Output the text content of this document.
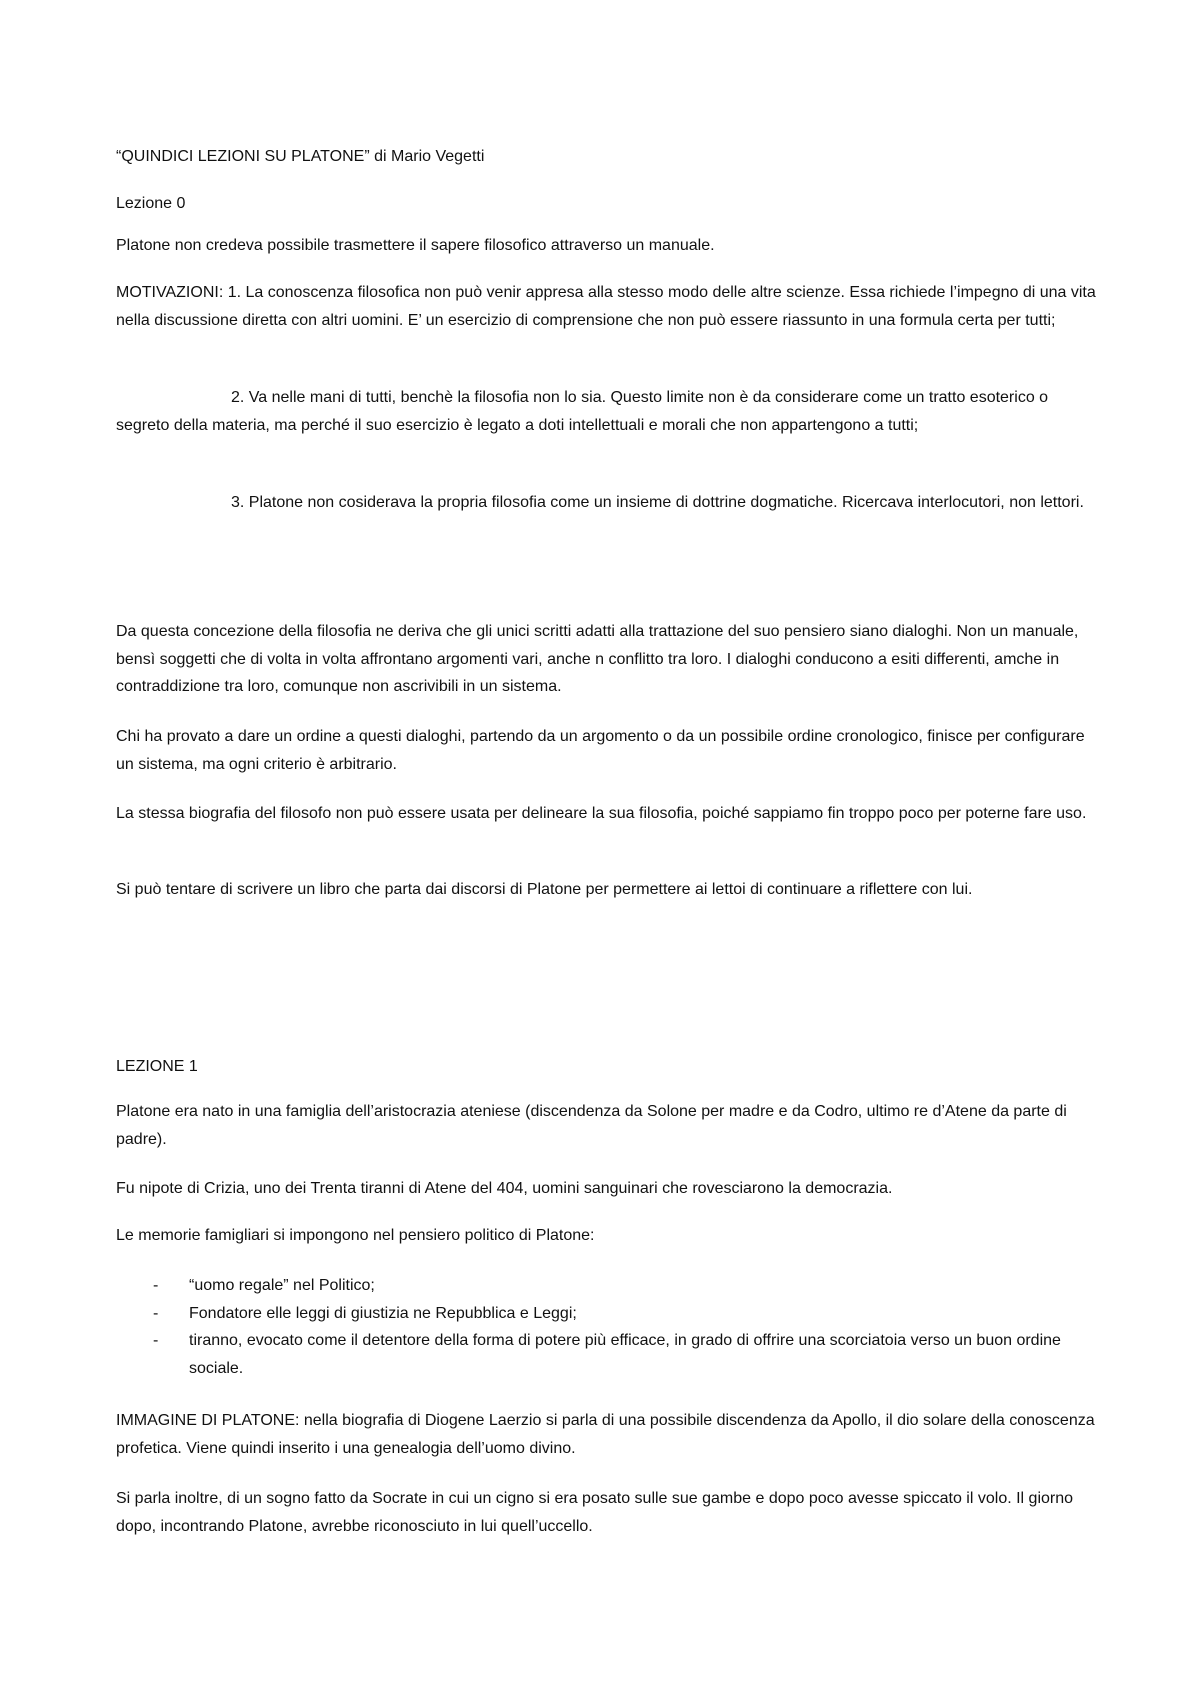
“QUINDICI LEZIONI SU PLATONE” di Mario Vegetti

Lezione 0

Platone non credeva possibile trasmettere il sapere filosofico attraverso un manuale.

MOTIVAZIONI: 1. La conoscenza filosofica non può venir appresa alla stesso modo delle altre scienze. Essa richiede l’impegno di una vita nella discussione diretta con altri uomini. E’ un esercizio di comprensione che non può essere riassunto in una formula certa per tutti;

2. Va nelle mani di tutti, benchè la filosofia non lo sia. Questo limite non è da considerare come un tratto esoterico o segreto della materia, ma perché il suo esercizio è legato a doti intellettuali e morali che non appartengono a tutti;

3. Platone non cosiderava la propria filosofia come un insieme di dottrine dogmatiche. Ricercava interlocutori, non lettori.

Da questa concezione della filosofia ne deriva che gli unici scritti adatti alla trattazione del suo pensiero siano dialoghi. Non un manuale, bensì soggetti che di volta in volta affrontano argomenti vari, anche n conflitto tra loro. I dialoghi conducono a esiti differenti, amche in contraddizione tra loro, comunque non ascrivibili in un sistema.

Chi ha provato a dare un ordine a questi dialoghi, partendo da un argomento o da un possibile ordine cronologico, finisce per configurare un sistema, ma ogni criterio è arbitrario.

La stessa biografia del filosofo non può essere usata per delineare la sua filosofia, poiché sappiamo fin troppo poco per poterne fare uso.

Si può tentare di scrivere un libro che parta dai discorsi di Platone per permettere ai lettoi di continuare a riflettere con lui.

LEZIONE 1

Platone era nato in una famiglia dell’aristocrazia ateniese (discendenza da Solone per madre e da Codro, ultimo re d’Atene da parte di padre).

Fu nipote di Crizia, uno dei Trenta tiranni di Atene del 404, uomini sanguinari che rovesciarono la democrazia.

Le memorie famigliari si impongono nel pensiero politico di Platone:

- “uomo regale” nel Politico;
- Fondatore elle leggi di giustizia ne Repubblica e Leggi;
- tiranno, evocato come il detentore della forma di potere più efficace, in grado di offrire una scorciatoia verso un buon ordine sociale.

IMMAGINE DI PLATONE: nella biografia di Diogene Laerzio si parla di una possibile discendenza da Apollo, il dio solare della conoscenza profetica. Viene quindi inserito i una genealogia dell’uomo divino.

Si parla inoltre, di un sogno fatto da Socrate in cui un cigno si era posato sulle sue gambe e dopo poco avesse spiccato il volo. Il giorno dopo, incontrando Platone, avrebbe riconosciuto in lui quell’uccello.
